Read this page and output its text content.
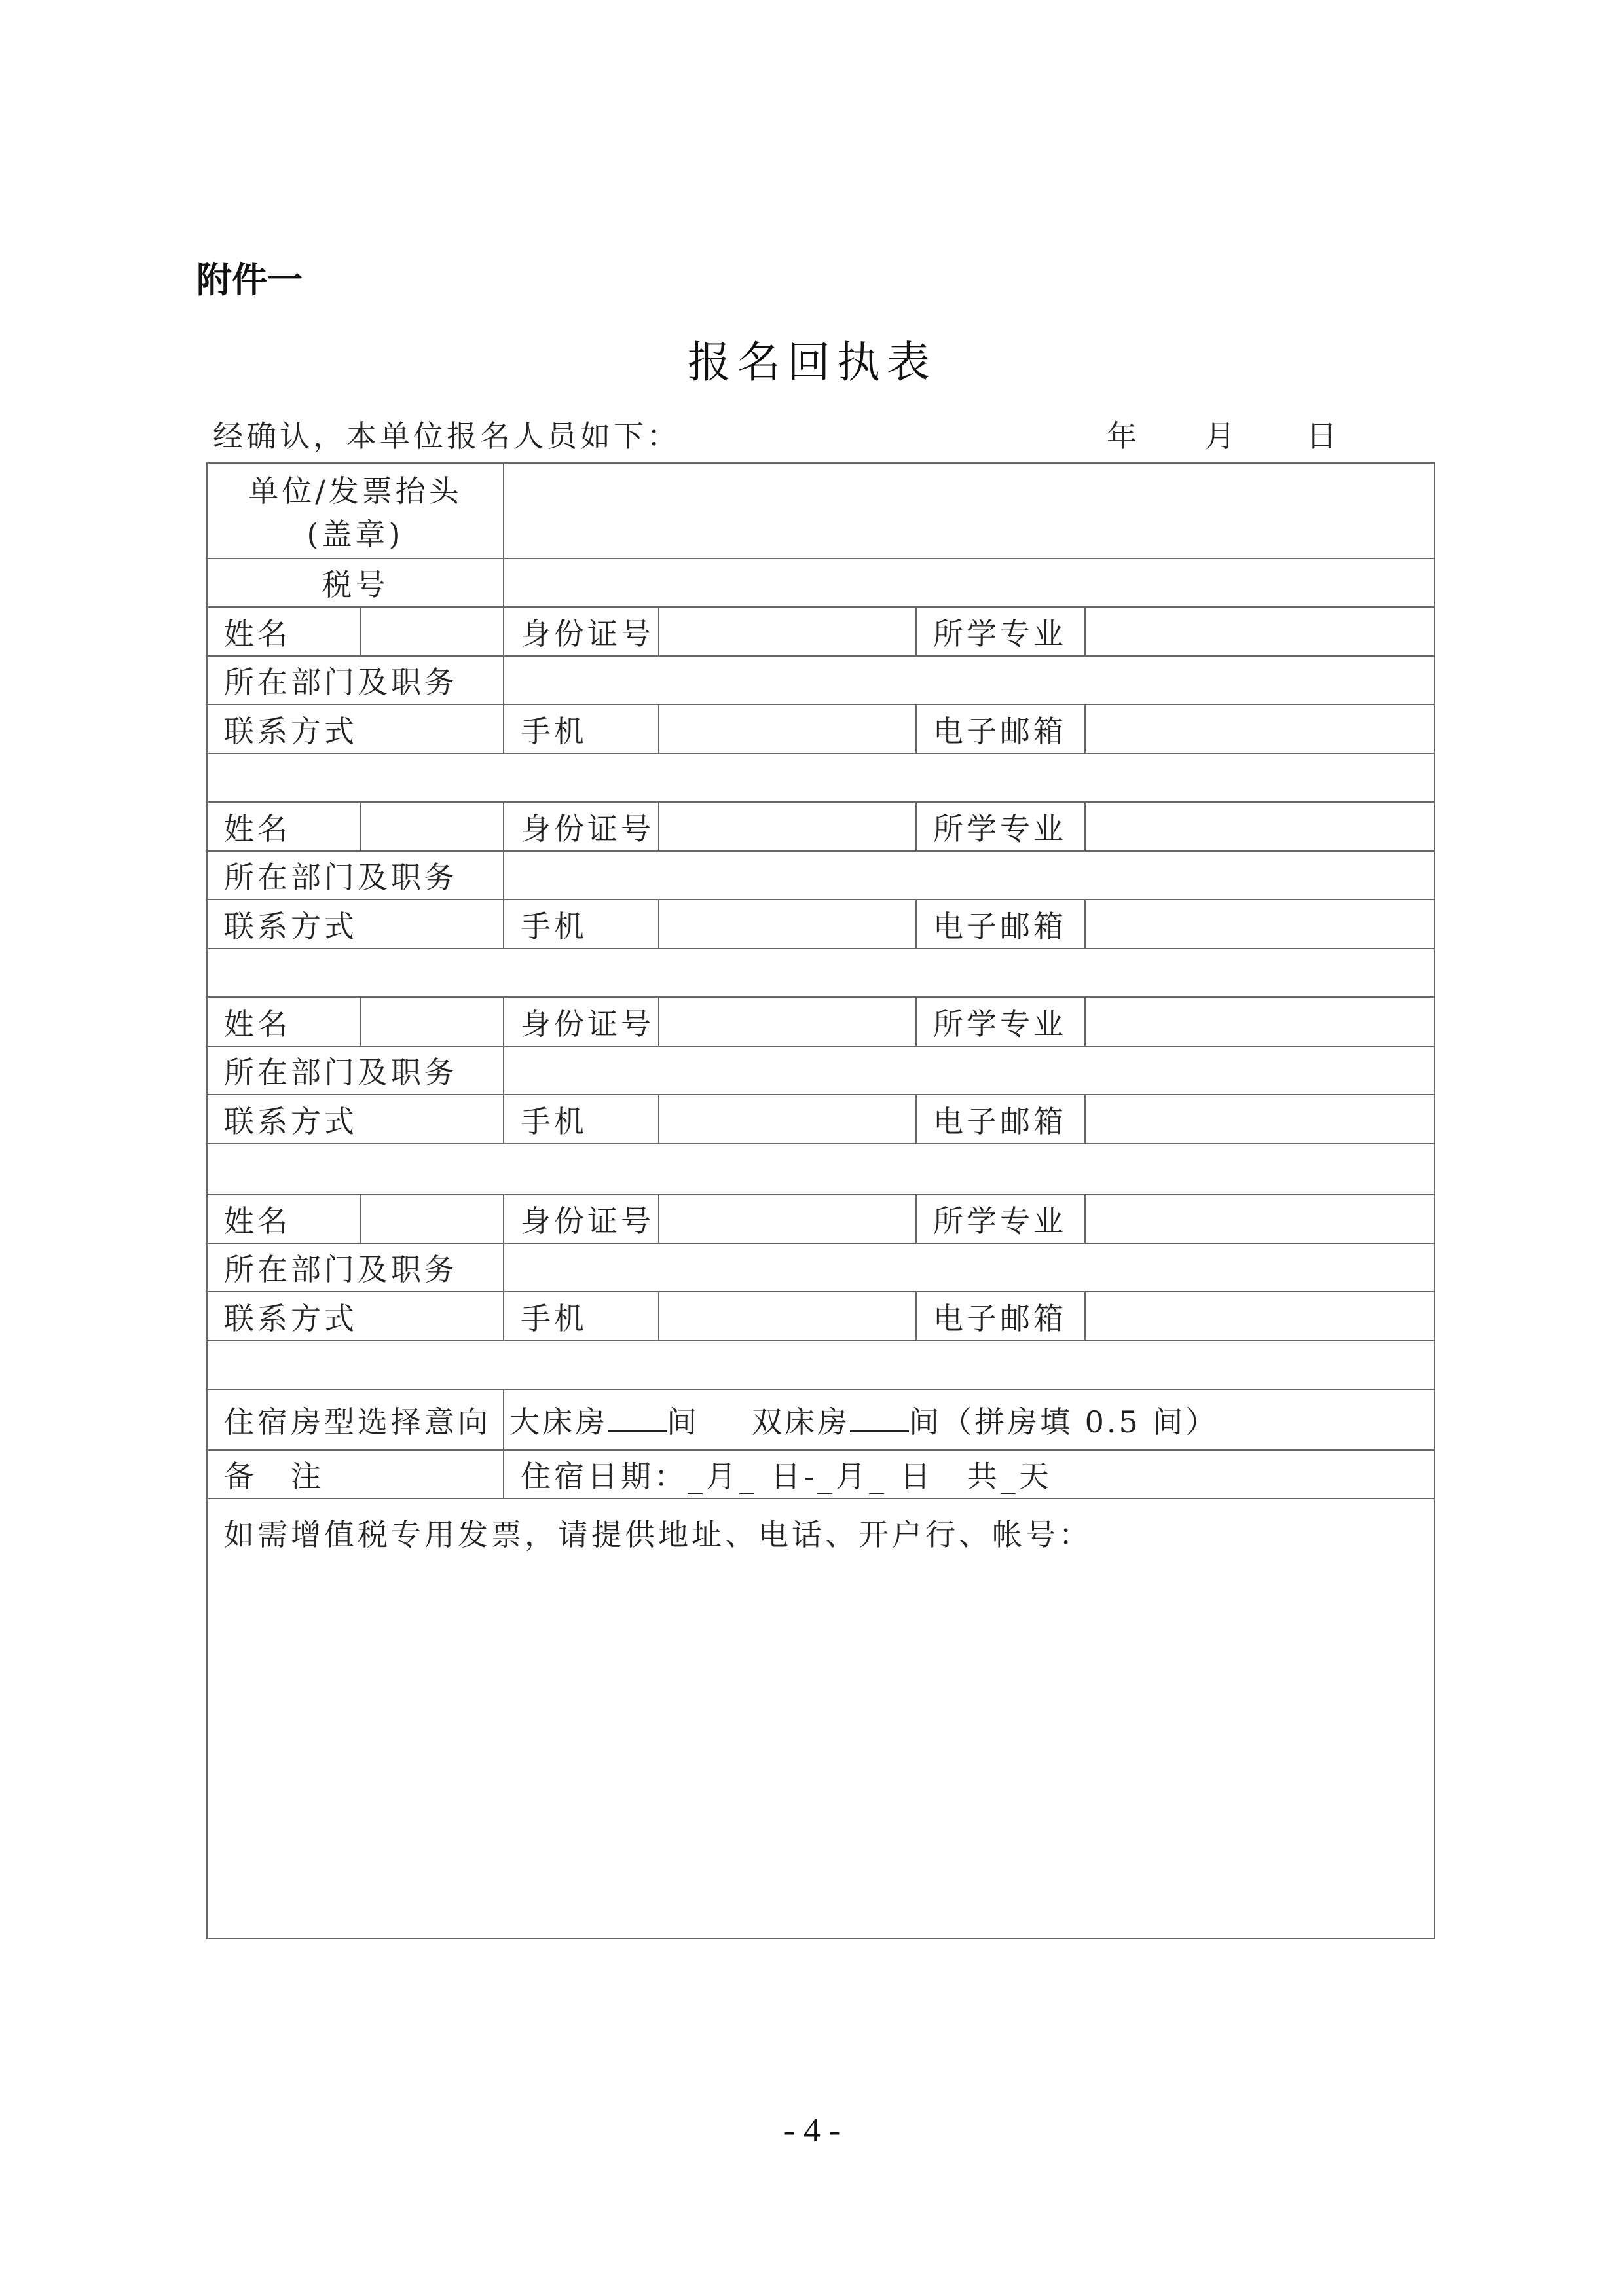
附件一
报名回执表
经确认，本单位报名人员如下：	年 月 日
单位/发票抬头
(盖章)					

税号					
姓名		身份证号		所学专业	
所在部门及职务					
联系方式		手机		电子邮箱	

姓名		身份证号		所学专业	
所在部门及职务					
联系方式		手机		电子邮箱	

姓名		身份证号		所学专业	
所在部门及职务					
联系方式		手机		电子邮箱	

姓名		身份证号		所学专业	
所在部门及职务					
联系方式		手机		电子邮箱	

住宿房型选择意向		大床房 间 双床房 间（拼房填 0.5 间）			
备　注		住宿日期：_月_ 日-_月_ 日　共_天			
如需增值税专用发票，请提供地址、电话、开户行、帐号：					
- 4 -
